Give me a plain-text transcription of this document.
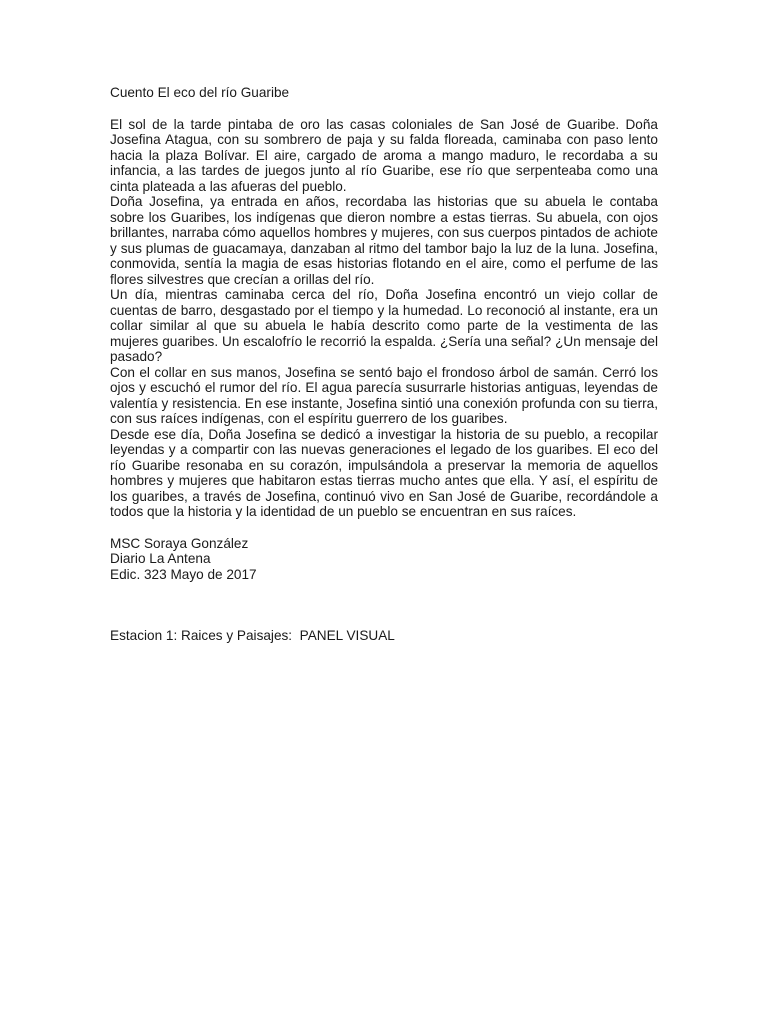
Cuento El eco del río Guaribe

El sol de la tarde pintaba de oro las casas coloniales de San José de Guaribe. Doña Josefina Atagua, con su sombrero de paja y su falda floreada, caminaba con paso lento hacia la plaza Bolívar. El aire, cargado de aroma a mango maduro, le recordaba a su infancia, a las tardes de juegos junto al río Guaribe, ese río que serpenteaba como una cinta plateada a las afueras del pueblo.

Doña Josefina, ya entrada en años, recordaba las historias que su abuela le contaba sobre los Guaribes, los indígenas que dieron nombre a estas tierras. Su abuela, con ojos brillantes, narraba cómo aquellos hombres y mujeres, con sus cuerpos pintados de achiote y sus plumas de guacamaya, danzaban al ritmo del tambor bajo la luz de la luna. Josefina, conmovida, sentía la magia de esas historias flotando en el aire, como el perfume de las flores silvestres que crecían a orillas del río.

Un día, mientras caminaba cerca del río, Doña Josefina encontró un viejo collar de cuentas de barro, desgastado por el tiempo y la humedad. Lo reconoció al instante, era un collar similar al que su abuela le había descrito como parte de la vestimenta de las mujeres guaribes. Un escalofrío le recorrió la espalda. ¿Sería una señal? ¿Un mensaje del pasado?

Con el collar en sus manos, Josefina se sentó bajo el frondoso árbol de samán. Cerró los ojos y escuchó el rumor del río. El agua parecía susurrarle historias antiguas, leyendas de valentía y resistencia. En ese instante, Josefina sintió una conexión profunda con su tierra, con sus raíces indígenas, con el espíritu guerrero de los guaribes.

Desde ese día, Doña Josefina se dedicó a investigar la historia de su pueblo, a recopilar leyendas y a compartir con las nuevas generaciones el legado de los guaribes. El eco del río Guaribe resonaba en su corazón, impulsándola a preservar la memoria de aquellos hombres y mujeres que habitaron estas tierras mucho antes que ella. Y así, el espíritu de los guaribes, a través de Josefina, continuó vivo en San José de Guaribe, recordándole a todos que la historia y la identidad de un pueblo se encuentran en sus raíces.

MSC Soraya González
Diario La Antena
Edic. 323 Mayo de 2017
Estacion 1: Raices y Paisajes:  PANEL VISUAL
